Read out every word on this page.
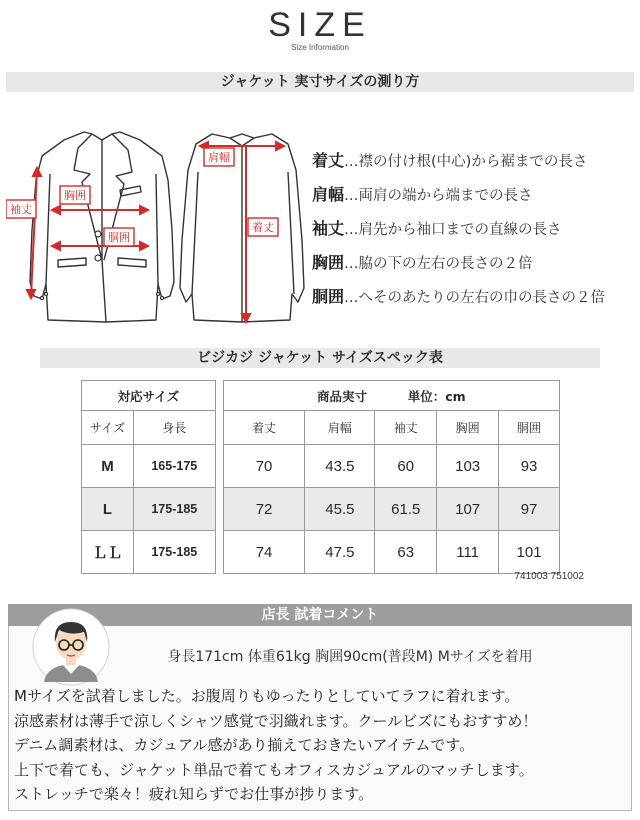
SIZE
Size Information
ジャケット 実寸サイズの測り方
袖丈
胸囲
胴囲
肩幅
着丈
着丈…襟の付け根(中心)から裾までの長さ
肩幅…両肩の端から端までの長さ
袖丈…肩先から袖口までの直線の長さ
胸囲…脇の下の左右の長さの２倍
胴囲…へそのあたりの左右の巾の長さの２倍
ビジカジ ジャケット サイズスペック表
対応サイズ			商品実寸 単位：cm				
サイズ	身長		着丈	肩幅	袖丈	胸囲	胴囲
M	165-175		70	43.5	60	103	93
L	175-185		72	45.5	61.5	107	97
ＬＬ	175-185		74	47.5	63	111	101
741003 751002
店長 試着コメント
身長171cm 体重61kg 胸囲90cm(普段M) Mサイズを着用
Mサイズを試着しました。お腹周りもゆったりとしていてラフに着れます。
涼感素材は薄手で涼しくシャツ感覚で羽織れます。クールビズにもおすすめ！
デニム調素材は、カジュアル感があり揃えておきたいアイテムです。
上下で着ても、ジャケット単品で着てもオフィスカジュアルのマッチします。
ストレッチで楽々！疲れ知らずでお仕事が捗ります。
